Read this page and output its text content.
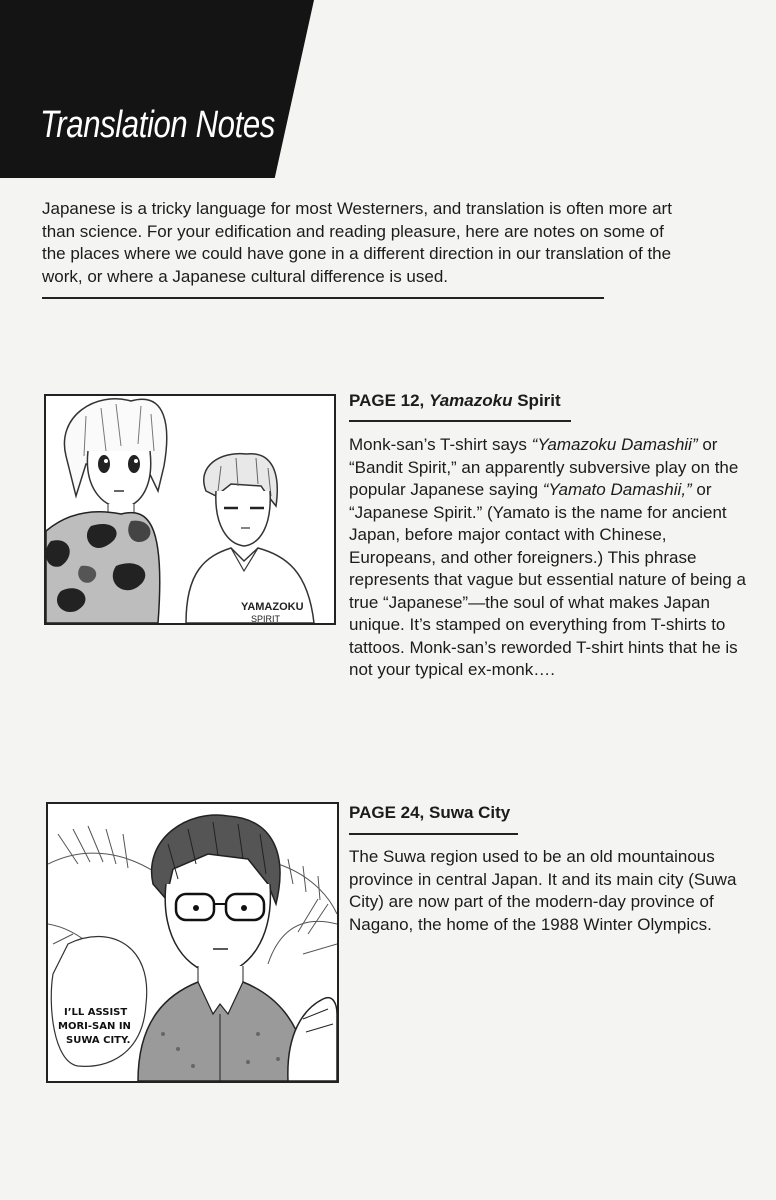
Translation Notes

Japanese is a tricky language for most Westerners, and translation is often more art than science. For your edification and reading pleasure, here are notes on some of the places where we could have gone in a different direction in our translation of the work, or where a Japanese cultural difference is used.

YAMAZOKU
SPIRIT
PAGE 12, Yamazoku Spirit

Monk-san’s T-shirt says “Yamazoku Damashii” or “Bandit Spirit,” an apparently subversive play on the popular Japanese saying “Yamato Damashii,” or “Japanese Spirit.” (Yamato is the name for ancient Japan, before major contact with Chinese, Europeans, and other foreigners.) This phrase represents that vague but essential nature of being a true “Japanese”—the soul of what makes Japan unique. It’s stamped on everything from T-shirts to tattoos. Monk-san’s reworded T-shirt hints that he is not your typical ex-monk….

I’LL ASSIST
MORI-SAN IN
SUWA CITY.
PAGE 24, Suwa City

The Suwa region used to be an old mountainous province in central Japan. It and its main city (Suwa City) are now part of the modern-day province of Nagano, the home of the 1988 Winter Olympics.
